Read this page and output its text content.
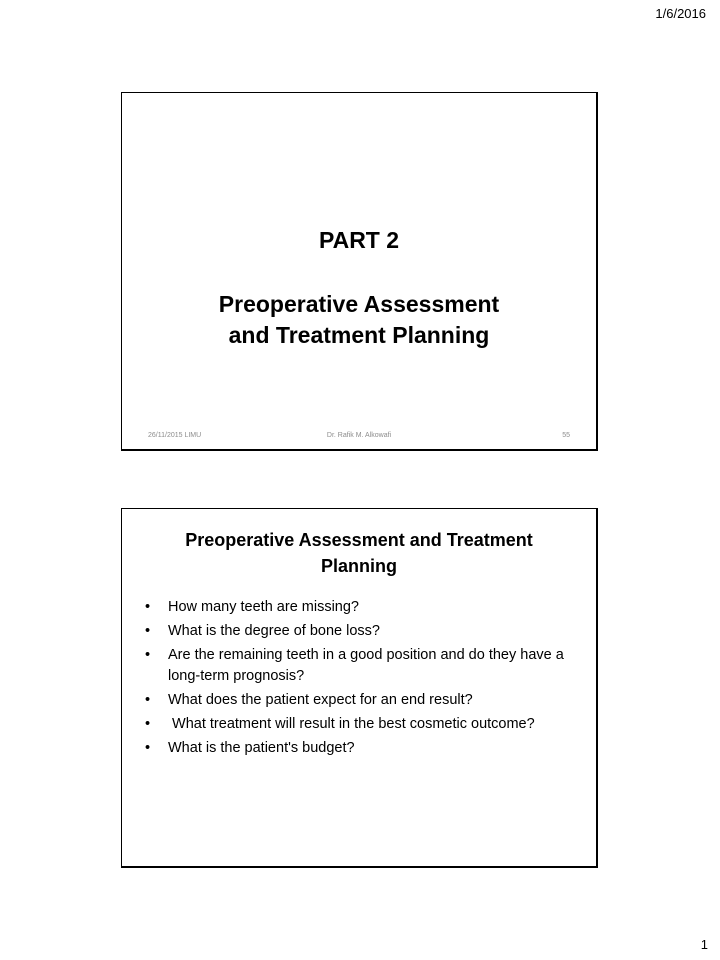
1/6/2016
PART 2
Preoperative Assessment
and Treatment Planning
26/11/2015 LIMU	Dr. Rafik M. Alkowafi	55
Preoperative Assessment and Treatment
Planning
• How many teeth are missing?
• What is the degree of bone loss?
• Are the remaining teeth in a good position and do they have a long-term prognosis?
• What does the patient expect for an end result?
• What treatment will result in the best cosmetic outcome?
• What is the patient's budget?
1
